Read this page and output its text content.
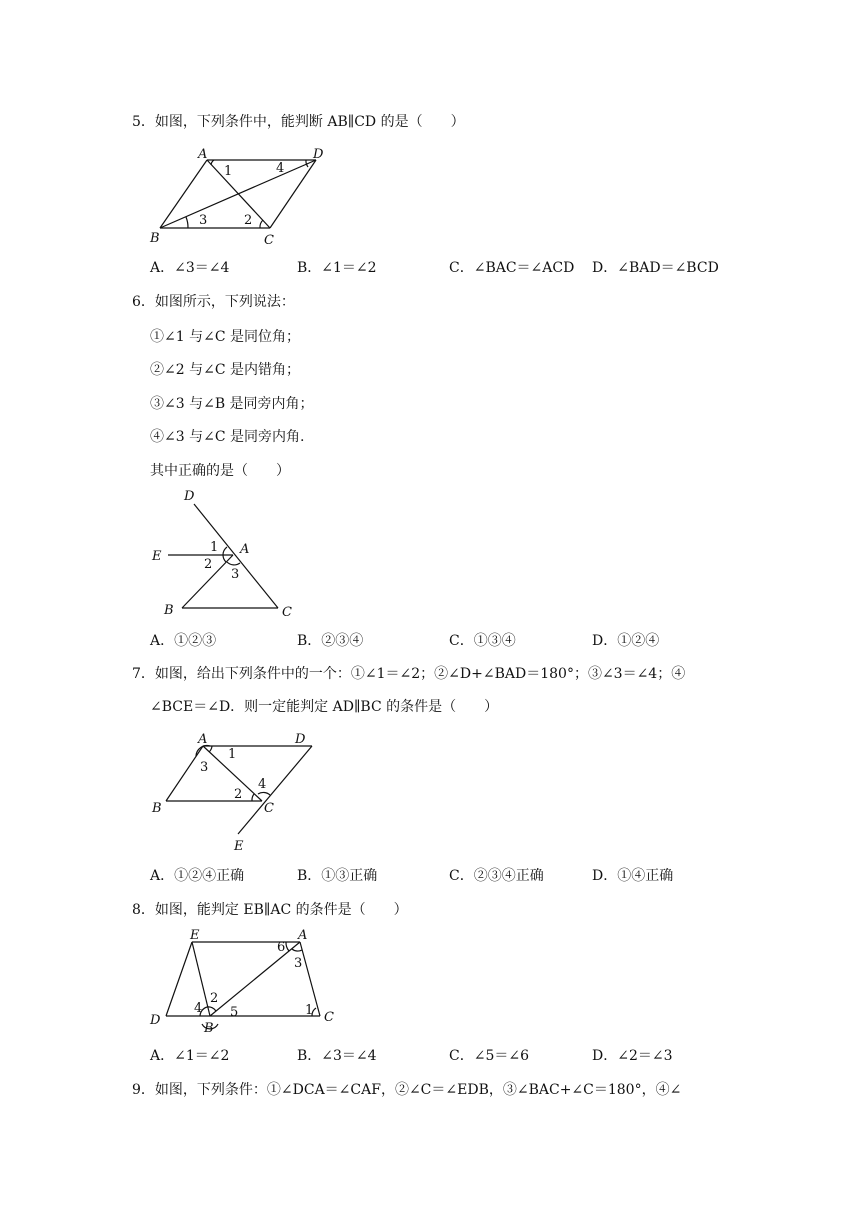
5．如图，下列条件中，能判断 AB∥CD 的是（　　）
A	D
B	C
1	4
3	2
A．∠3＝∠4	B．∠1＝∠2	C．∠BAC＝∠ACD D．∠BAD＝∠BCD
6．如图所示，下列说法：
①∠1 与∠C 是同位角；
②∠2 与∠C 是内错角；
③∠3 与∠B 是同旁内角；
④∠3 与∠C 是同旁内角.
其中正确的是（　　）
D
E	A
B	C
1
2
3
A．①②③	B．②③④	C．①③④	D．①②④
7．如图，给出下列条件中的一个：①∠1＝∠2；②∠D+∠BAD＝180°；③∠3＝∠4；④
∠BCE＝∠D．则一定能判定 AD∥BC 的条件是（　　）
A	D
B	C
E
1
3
2
4
A．①②④正确	B．①③正确	C．②③④正确	D．①④正确
8．如图，能判定 EB∥AC 的条件是（　　）
E	A
D
B
C
4
2
5
6
3
1
A．∠1＝∠2	B．∠3＝∠4	C．∠5＝∠6	D．∠2＝∠3
9．如图，下列条件：①∠DCA＝∠CAF，②∠C＝∠EDB，③∠BAC+∠C＝180°，④∠
